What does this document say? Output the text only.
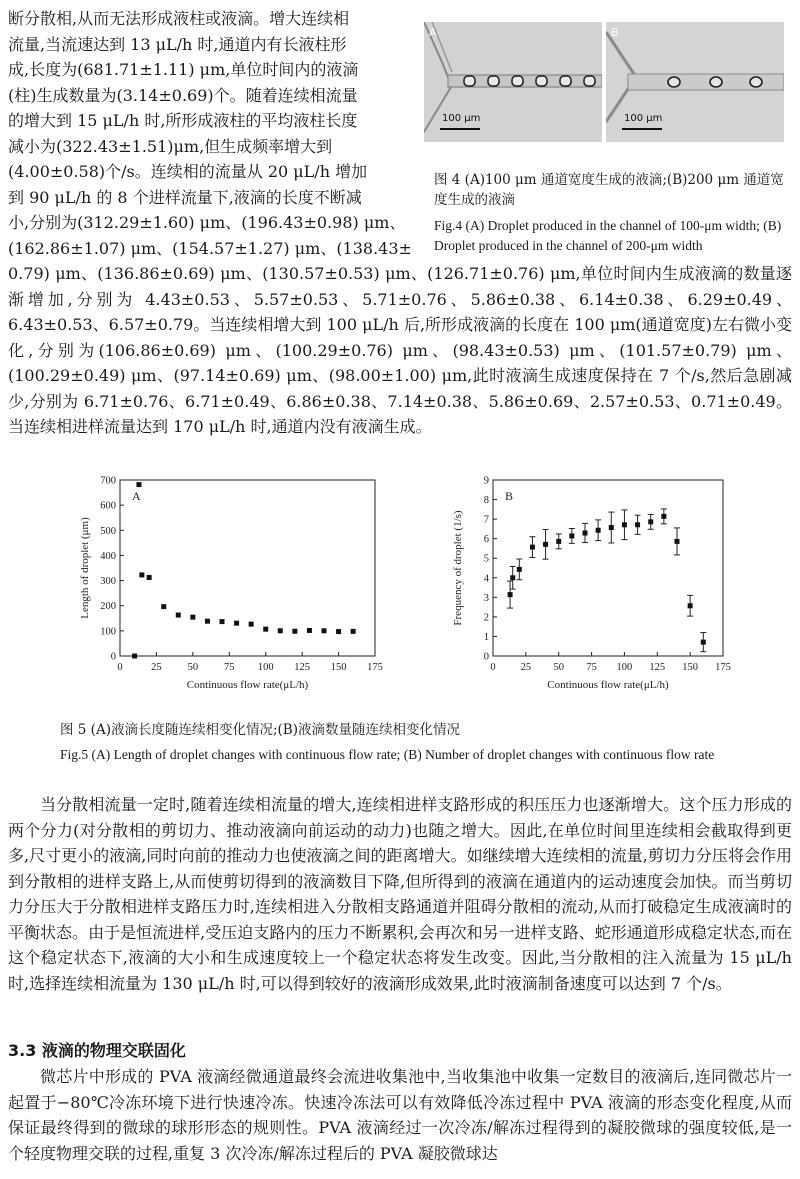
断分散相,从而无法形成液柱或液滴。增大连续相
流量,当流速达到 13 μL/h 时,通道内有长液柱形
成,长度为(681.71±1.11) μm,单位时间内的液滴
(柱)生成数量为(3.14±0.69)个。随着连续相流量
的增大到 15 μL/h 时,所形成液柱的平均液柱长度
减小为(322.43±1.51)μm,但生成频率增大到
(4.00±0.58)个/s。连续相的流量从 20 μL/h 增加
到 90 μL/h 的 8 个进样流量下,液滴的长度不断减
小,分别为(312.29±1.60) μm、(196.43±0.98) μm、
(162.86±1.07) μm、(154.57±1.27) μm、(138.43±
A
100 μm
B
100 μm

图 4 (A)100 μm 通道宽度生成的液滴;(B)200 μm 通道宽度生成的液滴

Fig.4 (A) Droplet produced in the channel of 100-μm width; (B) Droplet produced in the channel of 200-μm width

0.79) μm、(136.86±0.69) μm、(130.57±0.53) μm、(126.71±0.76) μm,单位时间内生成液滴的数量逐渐增加,分别为 4.43±0.53、5.57±0.53、5.71±0.76、5.86±0.38、6.14±0.38、6.29±0.49、6.43±0.53、6.57±0.79。当连续相增大到 100 μL/h 后,所形成液滴的长度在 100 μm(通道宽度)左右微小变化,分别为(106.86±0.69) μm、(100.29±0.76) μm、(98.43±0.53) μm、(101.57±0.79) μm、(100.29±0.49) μm、(97.14±0.69) μm、(98.00±1.00) μm,此时液滴生成速度保持在 7 个/s,然后急剧减少,分别为 6.71±0.76、6.71±0.49、6.86±0.38、7.14±0.38、5.86±0.69、2.57±0.53、0.71±0.49。当连续相进样流量达到 170 μL/h 时,通道内没有液滴生成。

0	25 50 75 100 125 150 175
0
100
200
300
400
500
600
700
Continuous flow rate(μL/h)
Length of droplet (μm)
A
0 25 50 75 100 125 150 175
0
1
2
3
4
5
6
7
8
9
Continuous flow rate(μL/h)
Frequency of droplet (1/s)
B

图 5 (A)液滴长度随连续相变化情况;(B)液滴数量随连续相变化情况

Fig.5 (A) Length of droplet changes with continuous flow rate; (B) Number of droplet changes with continuous flow rate

当分散相流量一定时,随着连续相流量的增大,连续相进样支路形成的积压压力也逐渐增大。这个压力形成的两个分力(对分散相的剪切力、推动液滴向前运动的动力)也随之增大。因此,在单位时间里连续相会截取得到更多,尺寸更小的液滴,同时向前的推动力也使液滴之间的距离增大。如继续增大连续相的流量,剪切力分压将会作用到分散相的进样支路上,从而使剪切得到的液滴数目下降,但所得到的液滴在通道内的运动速度会加快。而当剪切力分压大于分散相进样支路压力时,连续相进入分散相支路通道并阻碍分散相的流动,从而打破稳定生成液滴时的平衡状态。由于是恒流进样,受压迫支路内的压力不断累积,会再次和另一进样支路、蛇形通道形成稳定状态,而在这个稳定状态下,液滴的大小和生成速度较上一个稳定状态将发生改变。因此,当分散相的注入流量为 15 μL/h 时,选择连续相流量为 130 μL/h 时,可以得到较好的液滴形成效果,此时液滴制备速度可以达到 7 个/s。

3.3 液滴的物理交联固化

微芯片中形成的 PVA 液滴经微通道最终会流进收集池中,当收集池中收集一定数目的液滴后,连同微芯片一起置于−80℃冷冻环境下进行快速冷冻。快速冷冻法可以有效降低冷冻过程中 PVA 液滴的形态变化程度,从而保证最终得到的微球的球形形态的规则性。PVA 液滴经过一次冷冻/解冻过程得到的凝胶微球的强度较低,是一个轻度物理交联的过程,重复 3 次冷冻/解冻过程后的 PVA 凝胶微球达
